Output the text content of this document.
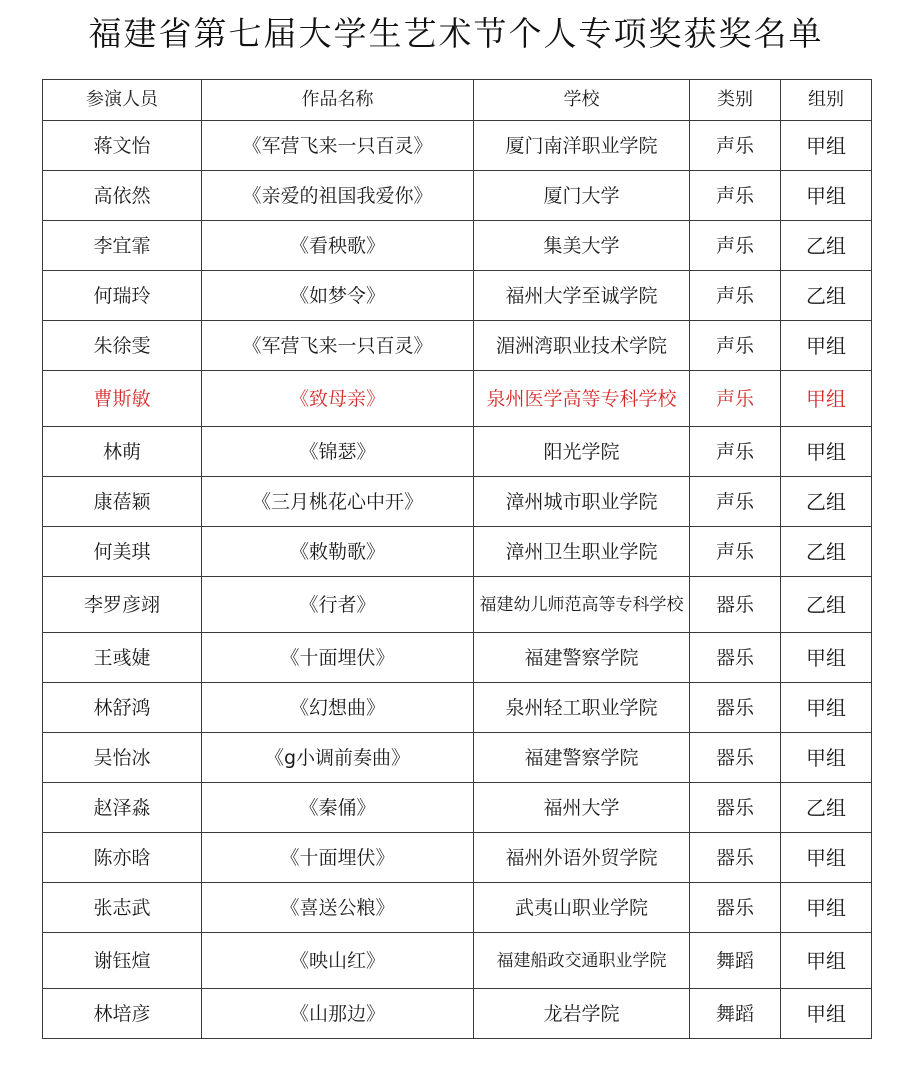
福建省第七届大学生艺术节个人专项奖获奖名单
参演人员	作品名称	学校	类别	组别
蒋文怡	《军营飞来一只百灵》	厦门南洋职业学院	声乐	甲组
高依然	《亲爱的祖国我爱你》	厦门大学	声乐	甲组
李宜霏	《看秧歌》	集美大学	声乐	乙组
何瑞玲	《如梦令》	福州大学至诚学院	声乐	乙组
朱徐雯	《军营飞来一只百灵》	湄洲湾职业技术学院	声乐	甲组
曹斯敏	《致母亲》	泉州医学高等专科学校	声乐	甲组
林萌	《锦瑟》	阳光学院	声乐	甲组
康蓓颖	《三月桃花心中开》	漳州城市职业学院	声乐	乙组
何美琪	《敕勒歌》	漳州卫生职业学院	声乐	乙组
李罗彦翊	《行者》	福建幼儿师范高等专科学校	器乐	乙组
王彧婕	《十面埋伏》	福建警察学院	器乐	甲组
林舒鸿	《幻想曲》	泉州轻工职业学院	器乐	甲组
吴怡冰	《g小调前奏曲》	福建警察学院	器乐	甲组
赵泽淼	《秦俑》	福州大学	器乐	乙组
陈亦晗	《十面埋伏》	福州外语外贸学院	器乐	甲组
张志武	《喜送公粮》	武夷山职业学院	器乐	甲组
谢钰煊	《映山红》	福建船政交通职业学院	舞蹈	甲组
林培彦	《山那边》	龙岩学院	舞蹈	甲组
